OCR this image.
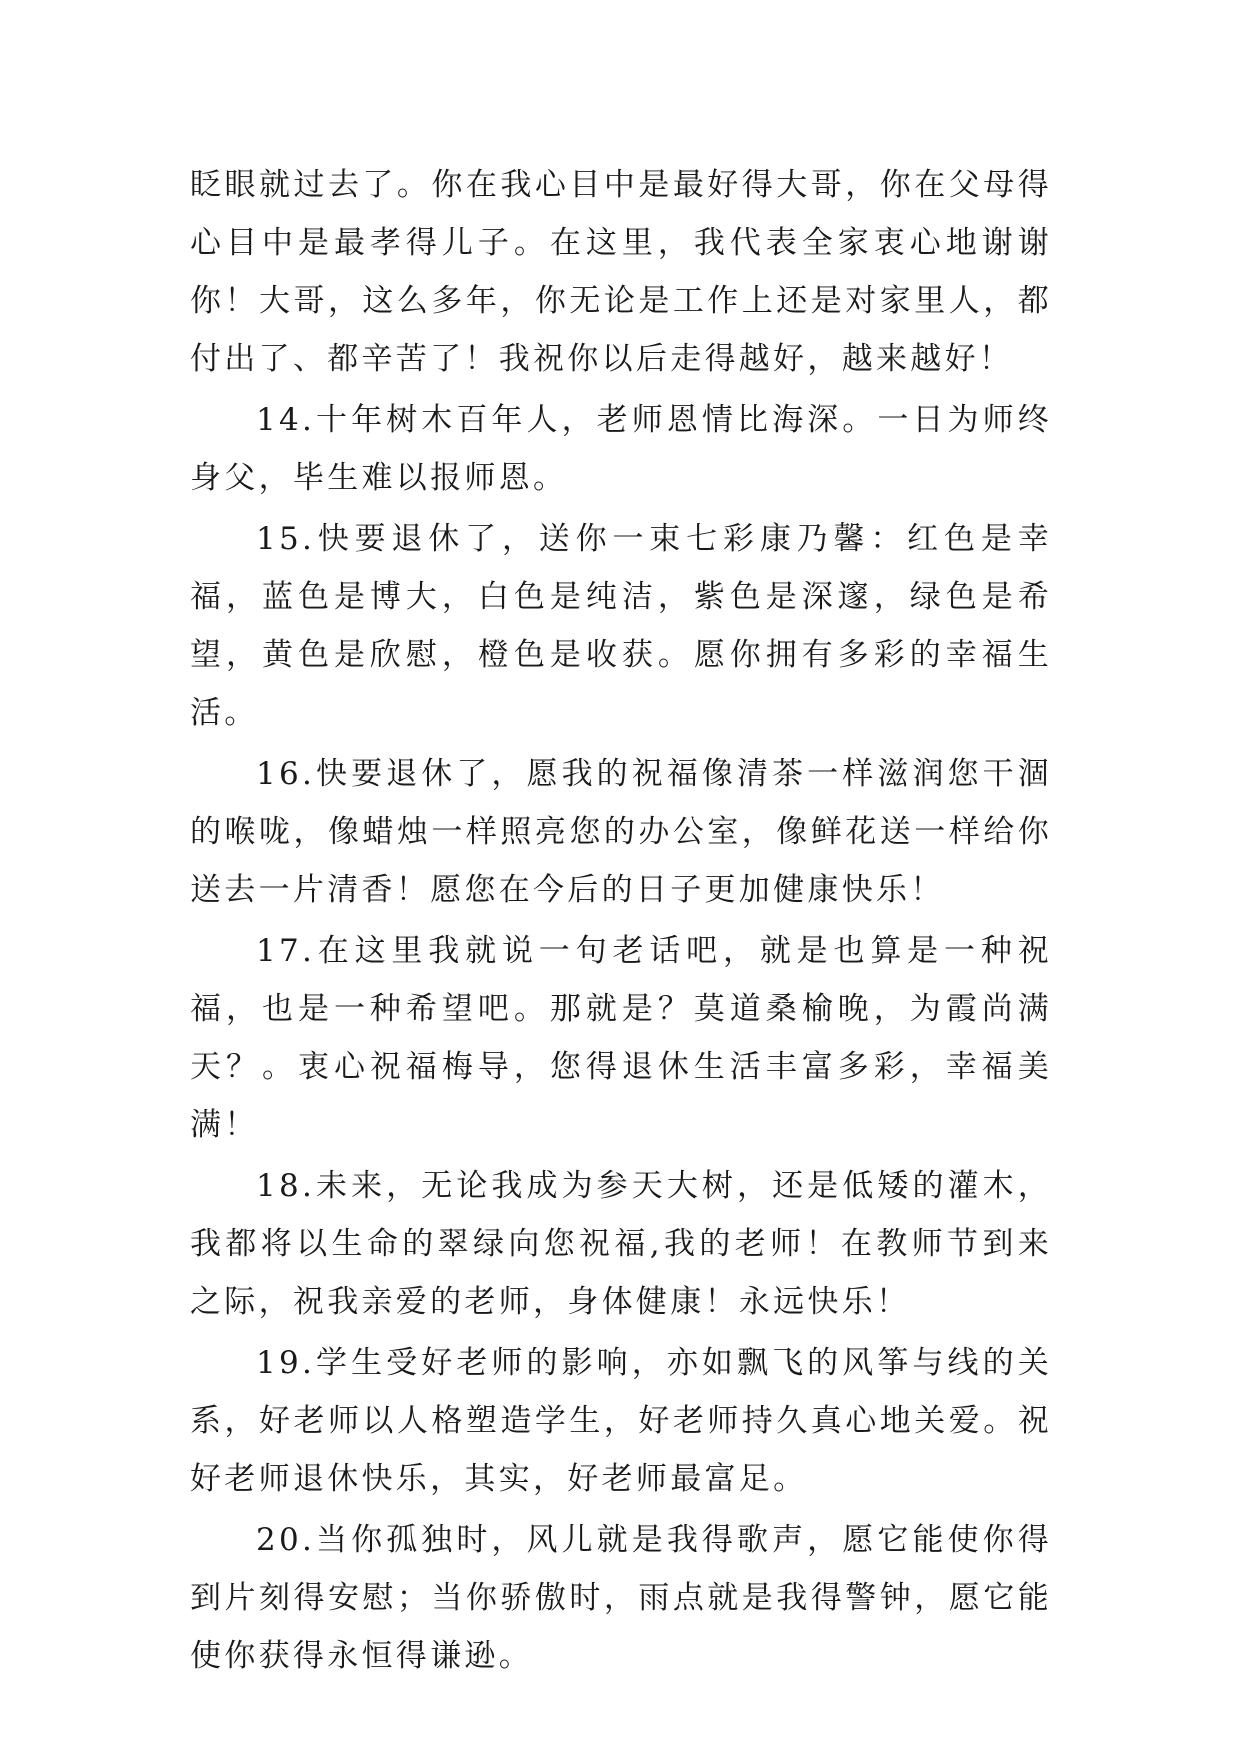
眨眼就过去了。你在我心目中是最好得大哥，你在父母得心目中是最孝得儿子。在这里，我代表全家衷心地谢谢你！大哥，这么多年，你无论是工作上还是对家里人，都付出了、都辛苦了！我祝你以后走得越好，越来越好！

14.十年树木百年人，老师恩情比海深。一日为师终身父，毕生难以报师恩。

15.快要退休了，送你一束七彩康乃馨：红色是幸福，蓝色是博大，白色是纯洁，紫色是深邃，绿色是希望，黄色是欣慰，橙色是收获。愿你拥有多彩的幸福生活。

16.快要退休了，愿我的祝福像清茶一样滋润您干涸的喉咙，像蜡烛一样照亮您的办公室，像鲜花送一样给你送去一片清香！愿您在今后的日子更加健康快乐！

17.在这里我就说一句老话吧，就是也算是一种祝福，也是一种希望吧。那就是？莫道桑榆晚，为霞尚满天？。衷心祝福梅导，您得退休生活丰富多彩，幸福美满！

18.未来，无论我成为参天大树，还是低矮的灌木，我都将以生命的翠绿向您祝福,我的老师！在教师节到来之际，祝我亲爱的老师，身体健康！永远快乐！

19.学生受好老师的影响，亦如飘飞的风筝与线的关系，好老师以人格塑造学生，好老师持久真心地关爱。祝好老师退休快乐，其实，好老师最富足。

20.当你孤独时，风儿就是我得歌声，愿它能使你得到片刻得安慰；当你骄傲时，雨点就是我得警钟，愿它能使你获得永恒得谦逊。
